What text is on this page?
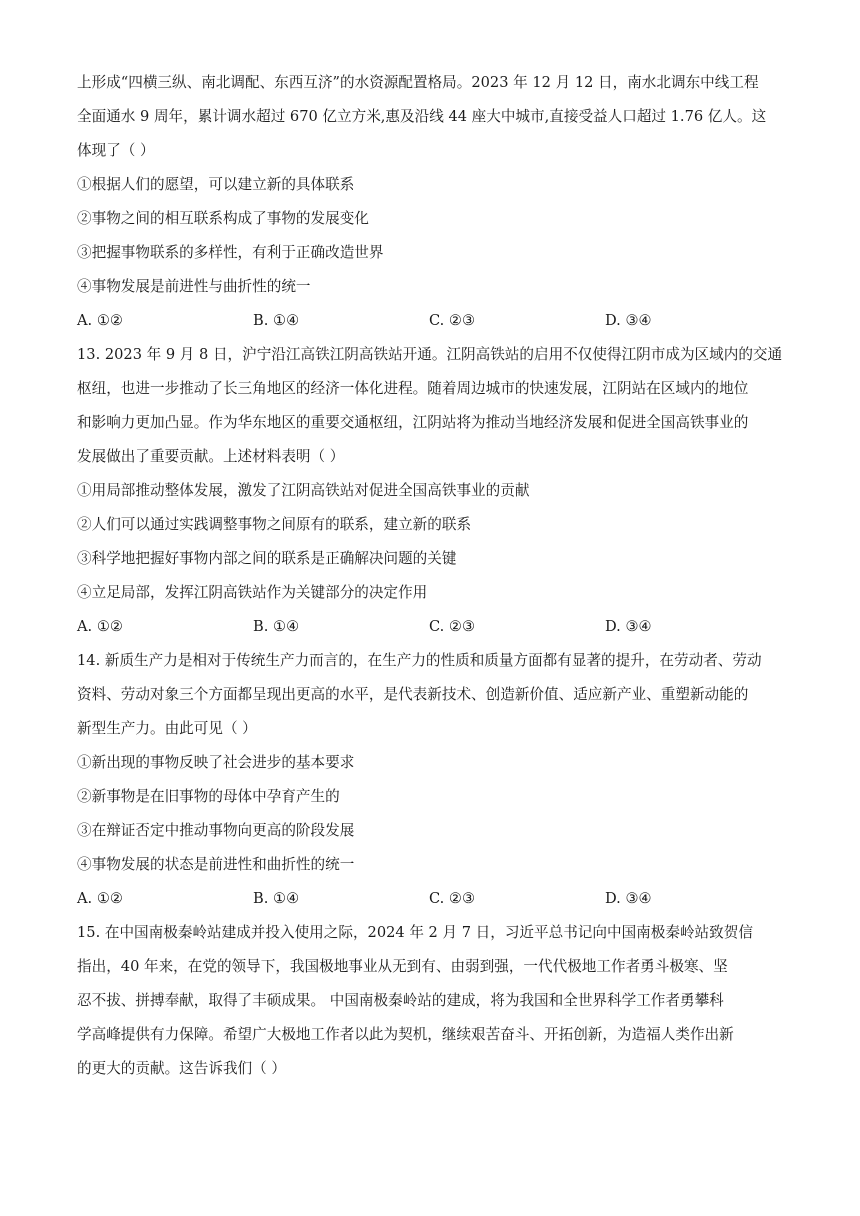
上形成“四横三纵、南北调配、东西互济”的水资源配置格局。2023 年 12 月 12 日，南水北调东中线工程
全面通水 9 周年，累计调水超过 670 亿立方米,惠及沿线 44 座大中城市,直接受益人口超过 1.76 亿人。这
体现了（ ）
①根据人们的愿望，可以建立新的具体联系
②事物之间的相互联系构成了事物的发展变化
③把握事物联系的多样性，有利于正确改造世界
④事物发展是前进性与曲折性的统一
A. ①②	B. ①④	C. ②③	D. ③④
13. 2023 年 9 月 8 日，沪宁沿江高铁江阴高铁站开通。江阴高铁站的启用不仅使得江阴市成为区域内的交通
枢纽，也进一步推动了长三角地区的经济一体化进程。随着周边城市的快速发展，江阴站在区域内的地位
和影响力更加凸显。作为华东地区的重要交通枢纽，江阴站将为推动当地经济发展和促进全国高铁事业的
发展做出了重要贡献。上述材料表明（ ）
①用局部推动整体发展，激发了江阴高铁站对促进全国高铁事业的贡献
②人们可以通过实践调整事物之间原有的联系，建立新的联系
③科学地把握好事物内部之间的联系是正确解决问题的关键
④立足局部，发挥江阴高铁站作为关键部分的决定作用
A. ①②	B. ①④	C. ②③	D. ③④
14. 新质生产力是相对于传统生产力而言的，在生产力的性质和质量方面都有显著的提升，在劳动者、劳动
资料、劳动对象三个方面都呈现出更高的水平，是代表新技术、创造新价值、适应新产业、重塑新动能的
新型生产力。由此可见（ ）
①新出现的事物反映了社会进步的基本要求
②新事物是在旧事物的母体中孕育产生的
③在辩证否定中推动事物向更高的阶段发展
④事物发展的状态是前进性和曲折性的统一
A. ①②	B. ①④	C. ②③	D. ③④
15. 在中国南极秦岭站建成并投入使用之际，2024 年 2 月 7 日，习近平总书记向中国南极秦岭站致贺信
指出，40 年来，在党的领导下，我国极地事业从无到有、由弱到强，一代代极地工作者勇斗极寒、坚
忍不拔、拼搏奉献，取得了丰硕成果。 中国南极秦岭站的建成，将为我国和全世界科学工作者勇攀科
学高峰提供有力保障。希望广大极地工作者以此为契机，继续艰苦奋斗、开拓创新，为造福人类作出新
的更大的贡献。这告诉我们（ ）
